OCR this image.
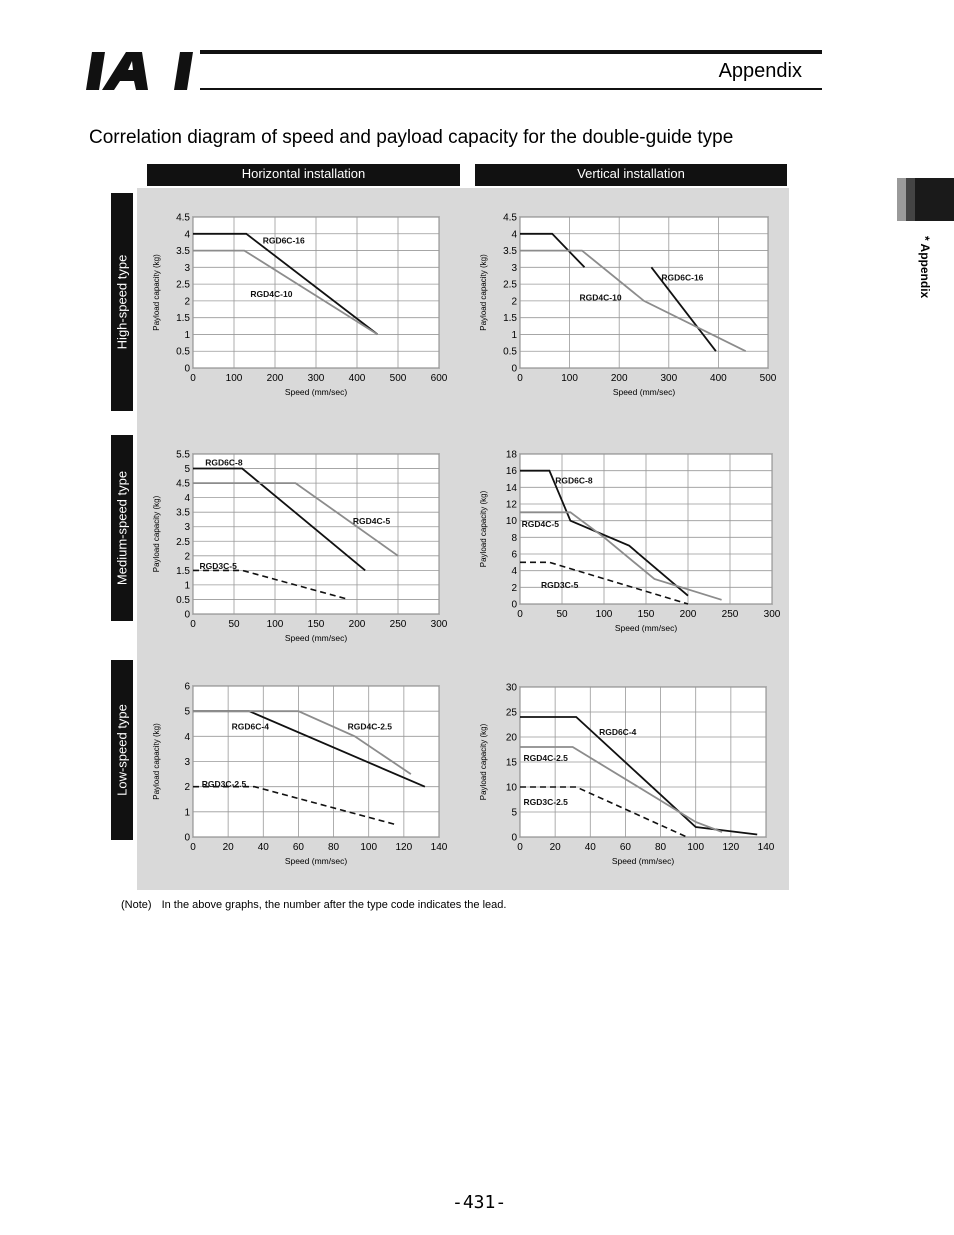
Appendix
* Appendix
Correlation diagram of speed and payload capacity for the double-guide type
Horizontal installation	Vertical installation
High-speed type
Medium-speed type
Low-speed type
0	100 200 300 400 500 600
0
0.5
1
1.5
2
2.5
3
3.5
4
4.5
Speed (mm/sec)
Payload capacity (kg)
RGD6C-16
RGD4C-10
0	100	200	300	400	500
0
0.5
1
1.5
2
2.5
3
3.5
4
4.5
Speed (mm/sec)
Payload capacity (kg)	RGD6C-16
RGD4C-10
0	50	100 150 200 250 300
0
0.5
1
1.5
2
2.5
3
3.5
4
4.5
5
5.5
Speed (mm/sec)
Payload capacity (kg)
RGD6C-8
RGD4C-5
RGD3C-5
0	50	100	150	200	250	300
0
2
4
6
8
10
12
14
16
18
Speed (mm/sec)
Payload capacity (kg)
RGD6C-8
RGD4C-5
RGD3C-5
0	20 40 60 80 100 120 140
0
1
2
3
4
5
6
Speed (mm/sec)
Payload capacity (kg)	RGD6C-4	RGD4C-2.5
RGD3C-2.5
0	20 40 60 80 100 120 140
0
5
10
15
20
25
30
Speed (mm/sec)
Payload capacity (kg)	RGD6C-4
RGD4C-2.5
RGD3C-2.5
(Note) In the above graphs, the number after the type code indicates the lead.
-431-
